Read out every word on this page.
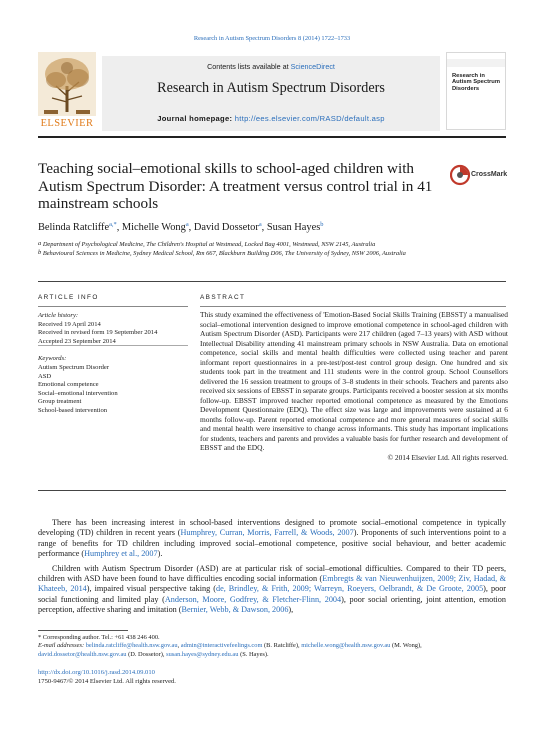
Research in Autism Spectrum Disorders 8 (2014) 1722–1733
ELSEVIER
Contents lists available at ScienceDirect
Research in Autism Spectrum Disorders
Journal homepage: http://ees.elsevier.com/RASD/default.asp
Research in Autism Spectrum Disorders
Teaching social–emotional skills to school-aged children with Autism Spectrum Disorder: A treatment versus control trial in 41 mainstream schools
CrossMark
Belinda Ratcliffe$^{a,*}$, Michelle Wong$^a$, David Dossetor$^a$, Susan Hayes$^b$
a Department of Psychological Medicine, The Children's Hospital at Westmead, Locked Bag 4001, Westmead, NSW 2145, Australia
b Behavioural Sciences in Medicine, Sydney Medical School, Rm 667, Blackburn Building D06, The University of Sydney, NSW 2006, Australia
ARTICLE INFO	ABSTRACT
Article history:
Received 19 April 2014
Received in revised form 19 September 2014
Accepted 23 September 2014
Keywords:
Autism Spectrum Disorder
ASD
Emotional competence
Social–emotional intervention
Group treatment
School-based intervention

This study examined the effectiveness of 'Emotion-Based Social Skills Training (EBSST)' a manualised social–emotional intervention designed to improve emotional competence in school-aged children with Autism Spectrum Disorder (ASD). Participants were 217 children (aged 7–13 years) with ASD without Intellectual Disability attending 41 mainstream primary schools in NSW Australia. Data on emotional competence, social skills and mental health difficulties were collected using teacher and parent informant report questionnaires in a pre-test/post-test control group design. One hundred and six students took part in the treatment and 111 students were in the control group. School Counsellors delivered the 16 session treatment to groups of 3–8 students in their schools. Teachers and parents also received six sessions of EBSST in separate groups. Participants received a booster session at six months follow-up. EBSST improved teacher reported emotional competence as measured by the Emotions Development Questionnaire (EDQ). The effect size was large and improvements were sustained at 6 months follow-up. Parent reported emotional competence and more general measures of social skills and mental health were insensitive to change across informants. This study has important implications for students, teachers and parents and provides a valuable basis for further research and development of EBSST and the EDQ.

© 2014 Elsevier Ltd. All rights reserved.

There has been increasing interest in school-based interventions designed to promote social–emotional competence in typically developing (TD) children in recent years (Humphrey, Curran, Morris, Farrell, & Woods, 2007). Proponents of such interventions point to a range of benefits for TD children including improved social–emotional competence, positive social behaviour, and better academic performance (Humphrey et al., 2007).

Children with Autism Spectrum Disorder (ASD) are at particular risk of social–emotional difficulties. Compared to their TD peers, children with ASD have been found to have difficulties encoding social information (Embregts & van Nieuwenhuijzen, 2009; Ziv, Hadad, & Khateeb, 2014), impaired visual perspective taking (de, Brindley, & Frith, 2009; Warreyn, Roeyers, Oelbrandt, & De Groote, 2005), poor social functioning and limited play (Anderson, Moore, Godfrey, & Fletcher-Flinn, 2004), poor social orienting, joint attention, emotion perception, affective sharing and imitation (Bernier, Webb, & Dawson, 2006),

* Corresponding author. Tel.: +61 438 246 400.

E-mail addresses: belinda.ratcliffe@health.nsw.gov.au, admin@interactivefeelings.com (B. Ratcliffe), michelle.wong@health.nsw.gov.au (M. Wong), david.dossetor@health.nsw.gov.au (D. Dossetor), susan.hayes@sydney.edu.au (S. Hayes).

http://dx.doi.org/10.1016/j.rasd.2014.09.010

1750-9467/© 2014 Elsevier Ltd. All rights reserved.
